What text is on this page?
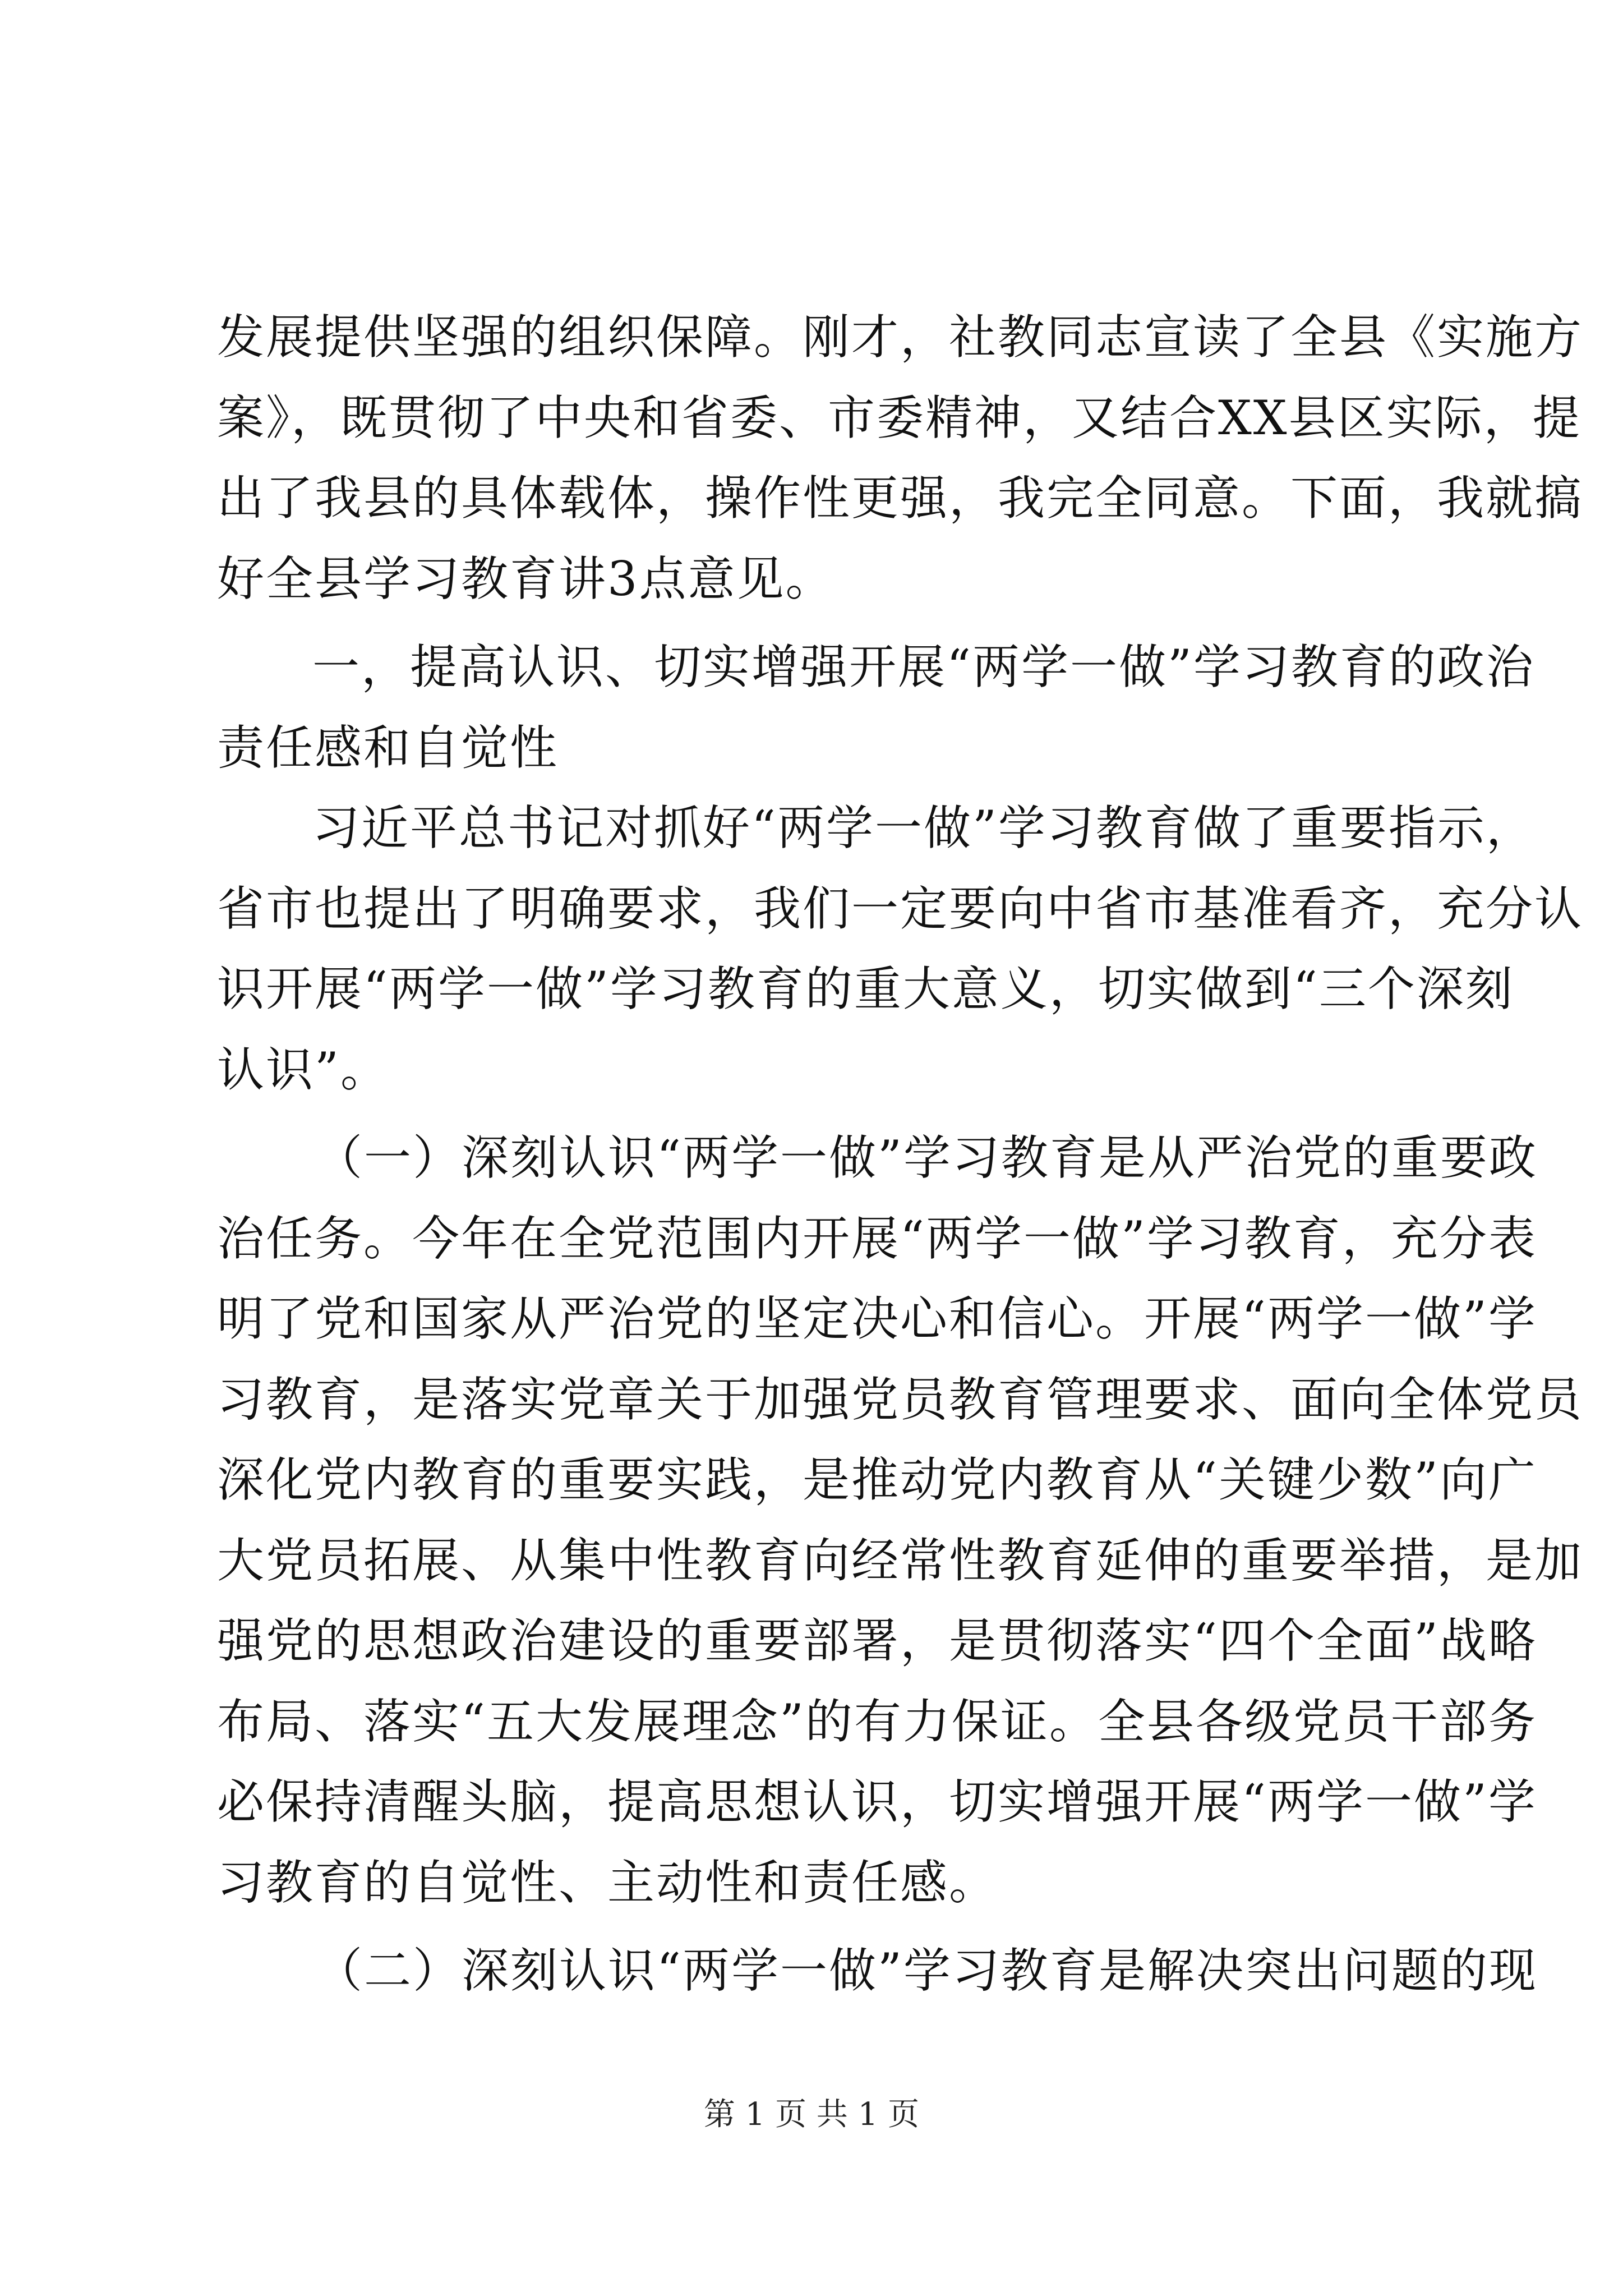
发展提供坚强的组织保障。刚才，社教同志宣读了全县《实施方
案》，既贯彻了中央和省委、市委精神，又结合XX县区实际，提
出了我县的具体载体，操作性更强，我完全同意。下面，我就搞
好全县学习教育讲3点意见。
一，提高认识、切实增强开展“两学一做”学习教育的政治
责任感和自觉性
习近平总书记对抓好“两学一做”学习教育做了重要指示，
省市也提出了明确要求，我们一定要向中省市基准看齐，充分认
识开展“两学一做”学习教育的重大意义，切实做到“三个深刻
认识”。
（一）深刻认识“两学一做”学习教育是从严治党的重要政
治任务。今年在全党范围内开展“两学一做”学习教育，充分表
明了党和国家从严治党的坚定决心和信心。开展“两学一做”学
习教育，是落实党章关于加强党员教育管理要求、面向全体党员
深化党内教育的重要实践，是推动党内教育从“关键少数”向广
大党员拓展、从集中性教育向经常性教育延伸的重要举措，是加
强党的思想政治建设的重要部署，是贯彻落实“四个全面”战略
布局、落实“五大发展理念”的有力保证。全县各级党员干部务
必保持清醒头脑，提高思想认识，切实增强开展“两学一做”学
习教育的自觉性、主动性和责任感。
（二）深刻认识“两学一做”学习教育是解决突出问题的现
第 1 页 共 1 页
